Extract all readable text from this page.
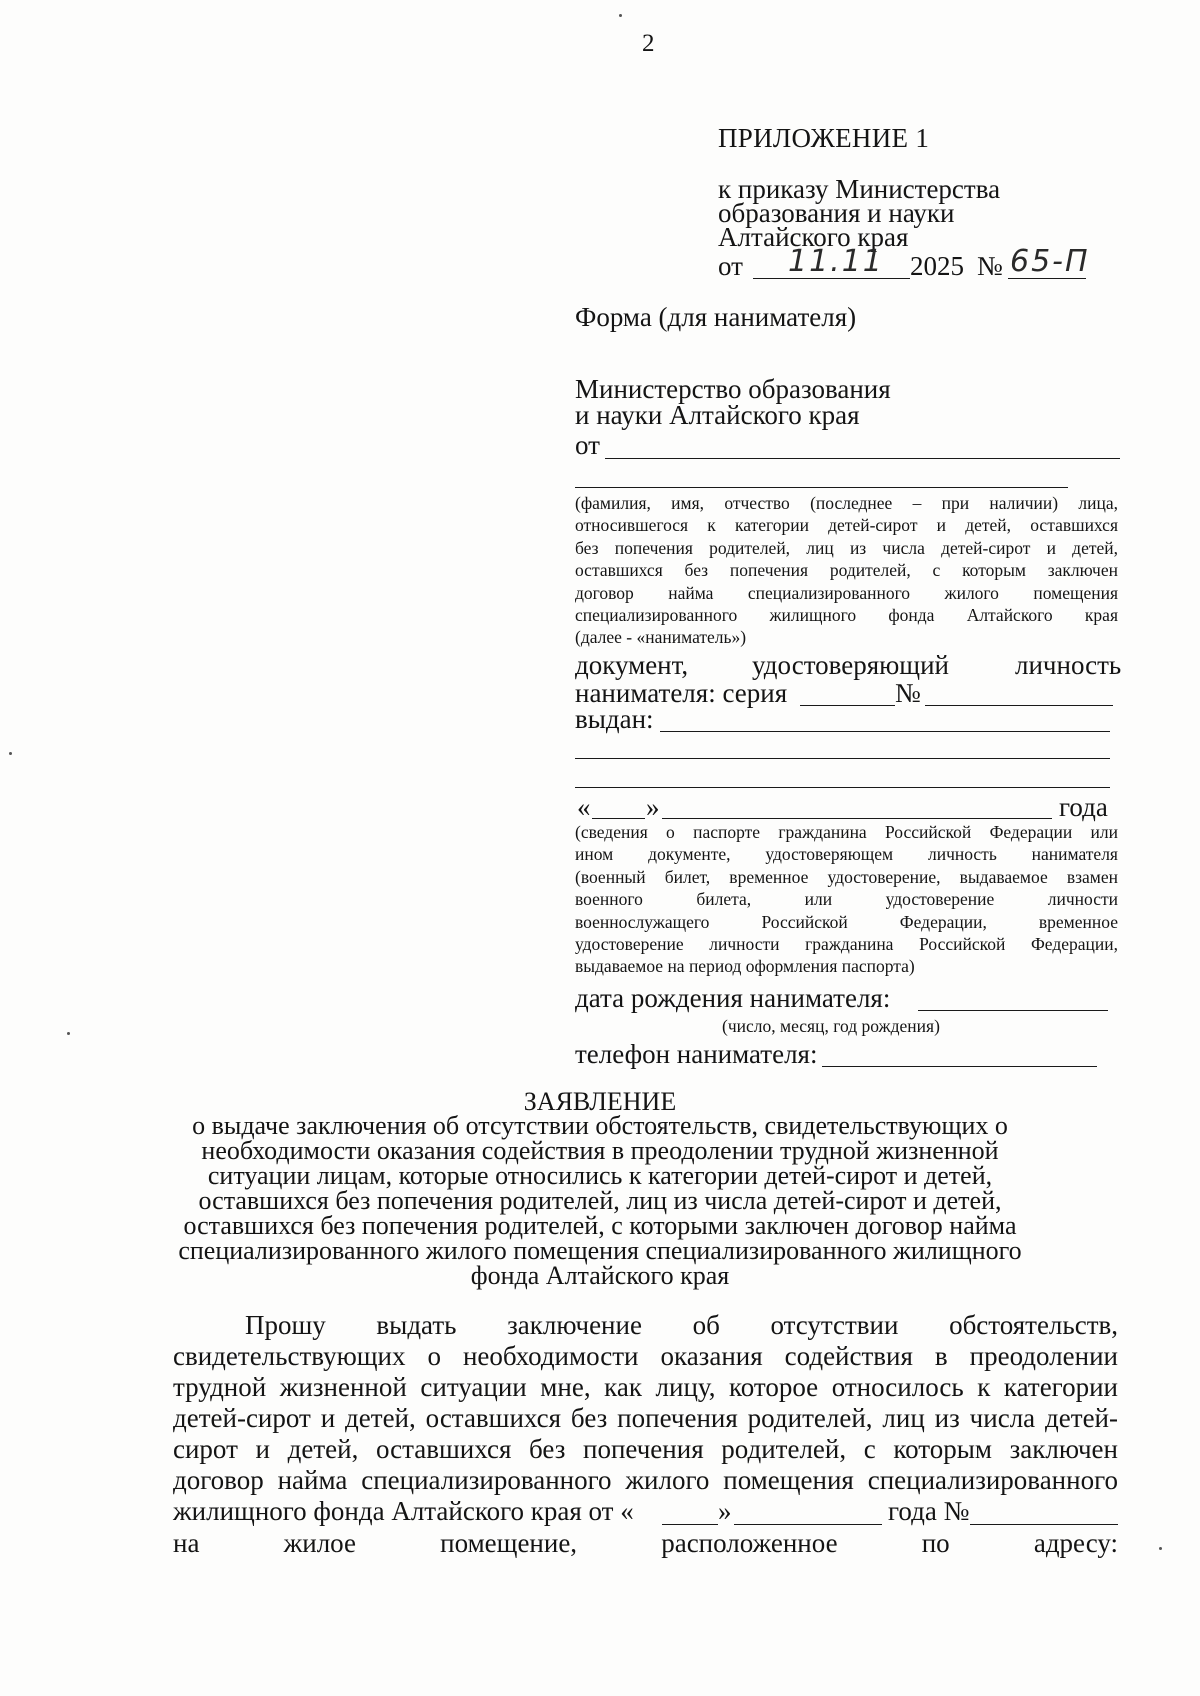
2
ПРИЛОЖЕНИЕ 1
к приказу Министерства
образования и науки
Алтайского края
от 11.11 2025 № 65-П
Форма (для нанимателя)
Министерство образования
и науки Алтайского края
от
(фамилия, имя, отчество (последнее – при наличии) лица,
относившегося к категории детей-сирот и детей, оставшихся
без попечения родителей, лиц из числа детей-сирот и детей,
оставшихся без попечения родителей, с которым заключен
договор найма специализированного жилого помещения
специализированного жилищного фонда Алтайского края
(далее - «наниматель»)
документ, удостоверяющий личность
нанимателя: серия	№
выдан:
« »	года
(сведения о паспорте гражданина Российской Федерации или
ином документе, удостоверяющем личность нанимателя
(военный билет, временное удостоверение, выдаваемое взамен
военного билета, или удостоверение личности
военнослужащего Российской Федерации, временное
удостоверение личности гражданина Российской Федерации,
выдаваемое на период оформления паспорта)
дата рождения нанимателя:
(число, месяц, год рождения)
телефон нанимателя:
ЗАЯВЛЕНИЕ
о выдаче заключения об отсутствии обстоятельств, свидетельствующих о
необходимости оказания содействия в преодолении трудной жизненной
ситуации лицам, которые относились к категории детей-сирот и детей,
оставшихся без попечения родителей, лиц из числа детей-сирот и детей,
оставшихся без попечения родителей, с которыми заключен договор найма
специализированного жилого помещения специализированного жилищного
фонда Алтайского края
Прошу выдать заключение об отсутствии обстоятельств,
свидетельствующих о необходимости оказания содействия в преодолении
трудной жизненной ситуации мне, как лицу, которое относилось к категории
детей-сирот и детей, оставшихся без попечения родителей, лиц из числа детей-
сирот и детей, оставшихся без попечения родителей, с которым заключен
договор найма специализированного жилого помещения специализированного
жилищного фонда Алтайского края от «	»	года №
на жилое помещение, расположенное по адресу:
